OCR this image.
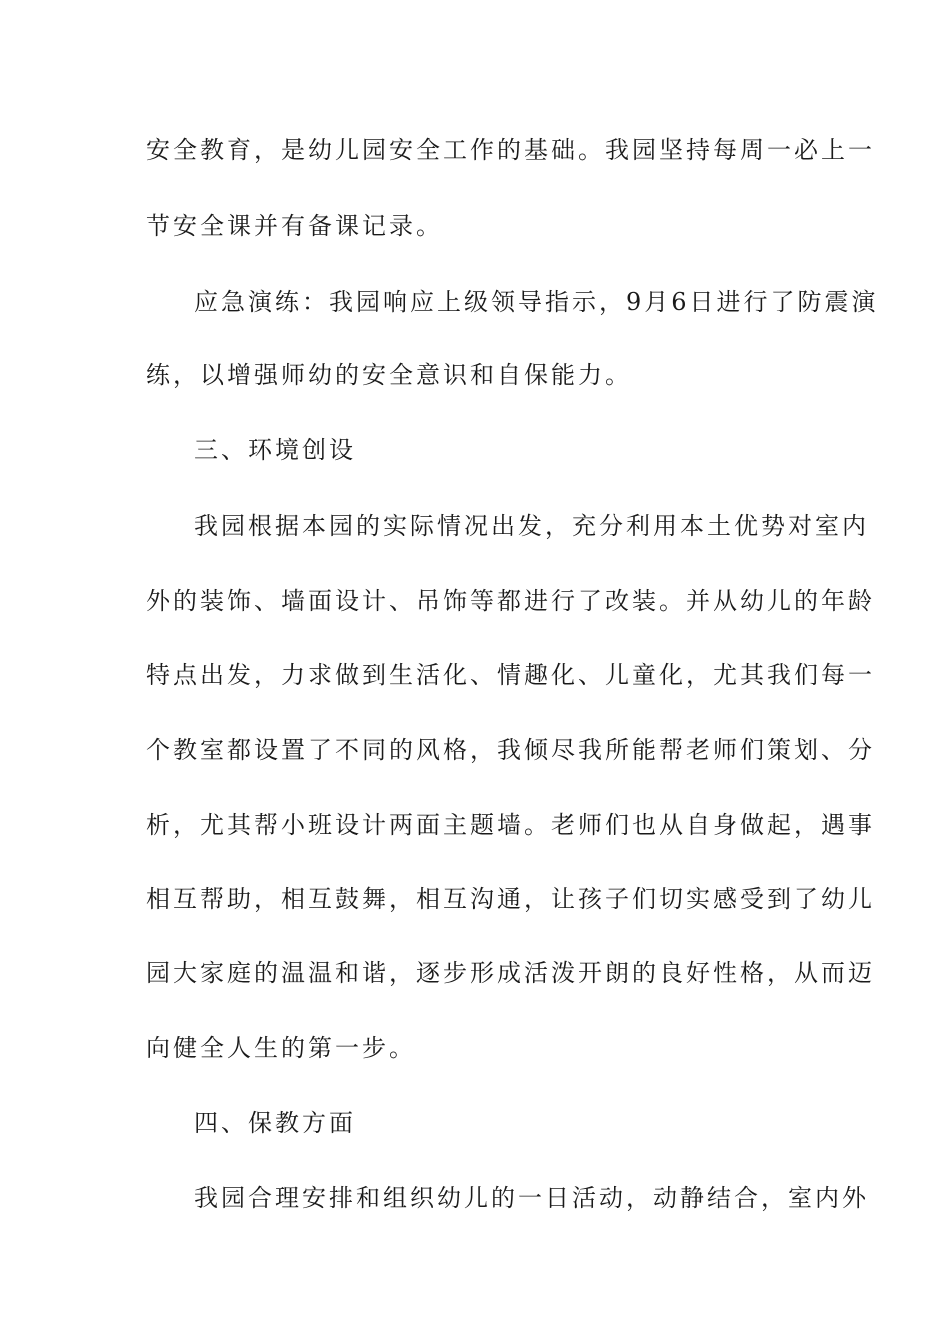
安全教育，是幼儿园安全工作的基础。我园坚持每周一必上一
节安全课并有备课记录。
应急演练：我园响应上级领导指示，9月6日进行了防震演
练，以增强师幼的安全意识和自保能力。
三、环境创设
我园根据本园的实际情况出发，充分利用本土优势对室内
外的装饰、墙面设计、吊饰等都进行了改装。并从幼儿的年龄
特点出发，力求做到生活化、情趣化、儿童化，尤其我们每一
个教室都设置了不同的风格，我倾尽我所能帮老师们策划、分
析，尤其帮小班设计两面主题墙。老师们也从自身做起，遇事
相互帮助，相互鼓舞，相互沟通，让孩子们切实感受到了幼儿
园大家庭的温温和谐，逐步形成活泼开朗的良好性格，从而迈
向健全人生的第一步。
四、保教方面
我园合理安排和组织幼儿的一日活动，动静结合，室内外
